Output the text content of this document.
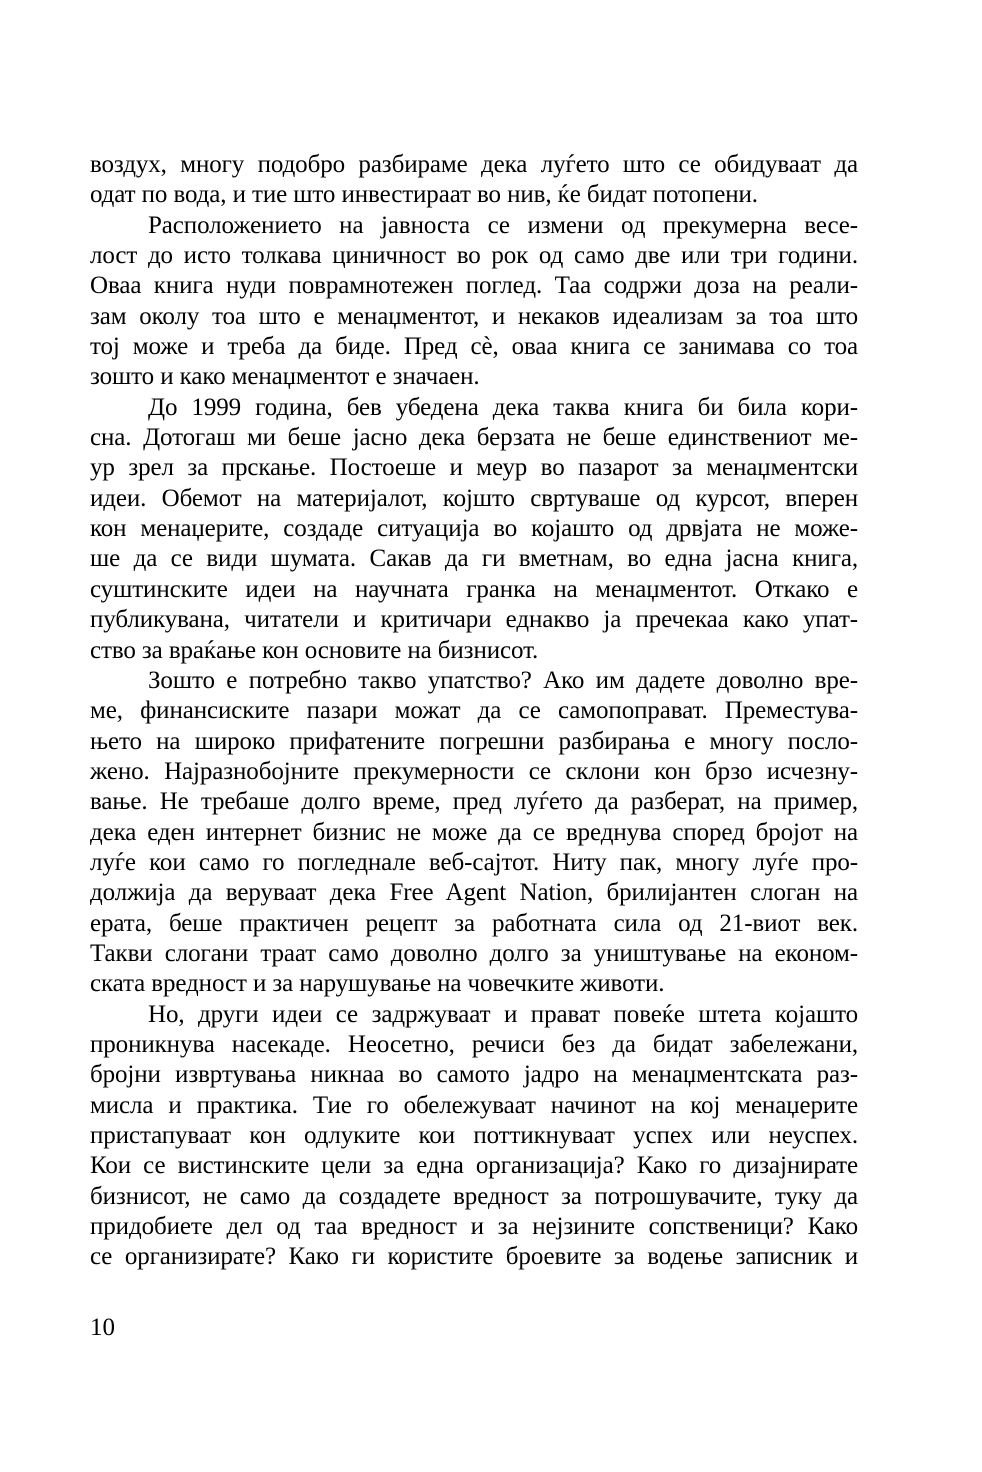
воздух, многу подобро разбираме дека луѓето што се обидуваат да
одат по вода, и тие што инвестираат во нив, ќе бидат потопени.
Расположението на јавноста се измени од прекумерна весе-
лост до исто толкава циничност во рок од само две или три години.
Оваа книга нуди поврамнотежен поглед. Таа содржи доза на реали-
зам околу тоа што е менаџментот, и некаков идеализам за тоа што
тој може и треба да биде. Пред сѐ, оваа книга се занимава со тоа
зошто и како менаџментот е значаен.
До 1999 година, бев убедена дека таква книга би била кори-
сна. Дотогаш ми беше јасно дека берзата не беше единствениот ме-
ур зрел за прскање. Постоеше и меур во пазарот за менаџментски
идеи. Обемот на материјалот, којшто свртуваше од курсот, вперен
кон менаџерите, создаде ситуација во којашто од дрвјата не може-
ше да се види шумата. Сакав да ги вметнам, во една јасна книга,
суштинските идеи на научната гранка на менаџментот. Откако е
публикувана, читатели и критичари еднакво ја пречекаа како упат-
ство за враќање кон основите на бизнисот.
Зошто е потребно такво упатство? Ако им дадете доволно вре-
ме, финансиските пазари можат да се самопоправат. Преместува-
њето на широко прифатените погрешни разбирања е многу посло-
жено. Најразнобојните прекумерности се склони кон брзо исчезну-
вање. Не требаше долго време, пред луѓето да разберат, на пример,
дека еден интернет бизнис не може да се вреднува според бројот на
луѓе кои само го погледнале веб-сајтот. Ниту пак, многу луѓе про-
должија да веруваат дека Free Agent Nation, брилијантен слоган на
ерата, беше практичен рецепт за работната сила од 21-виот век.
Такви слогани траат само доволно долго за уништување на економ-
ската вредност и за нарушување на човечките животи.
Но, други идеи се задржуваат и прават повеќе штета којашто
проникнува насекаде. Неосетно, речиси без да бидат забележани,
бројни извртувања никнаа во самото јадро на менаџментската раз-
мисла и практика. Тие го обележуваат начинот на кој менаџерите
пристапуваат кон одлуките кои поттикнуваат успех или неуспех.
Кои се вистинските цели за една организација? Како го дизајнирате
бизнисот, не само да создадете вредност за потрошувачите, туку да
придобиете дел од таа вредност и за нејзините сопственици? Како
се организирате? Како ги користите броевите за водење записник и
10
